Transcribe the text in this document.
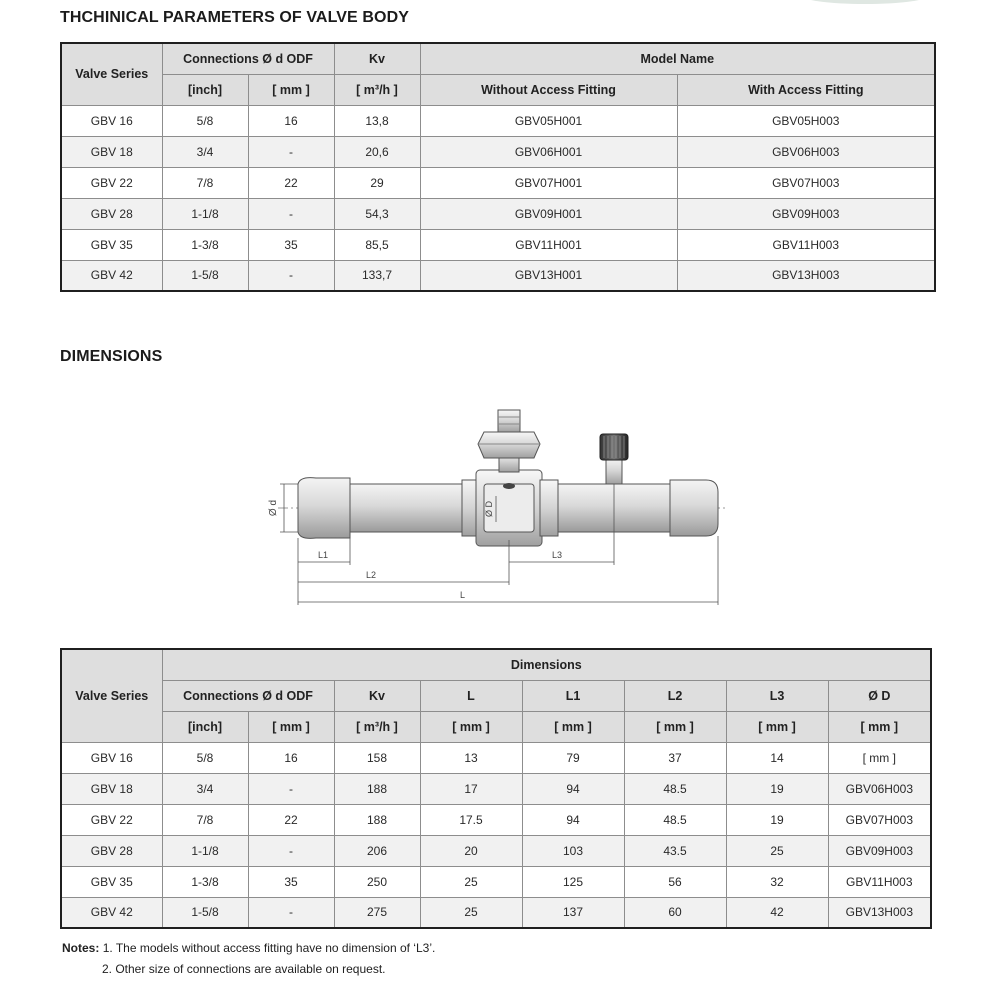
THCHINICAL PARAMETERS OF VALVE BODY
Valve Series	Connections Ø d ODF		Kv	Model Name	
	[inch]	[ mm ]	[ m³/h ]	Without Access Fitting	With Access Fitting
GBV 16	5/8	16	13,8	GBV05H001	GBV05H003
GBV 18	3/4	-	20,6	GBV06H001	GBV06H003
GBV 22	7/8	22	29	GBV07H001	GBV07H003
GBV 28	1-1/8	-	54,3	GBV09H001	GBV09H003
GBV 35	1-3/8	35	85,5	GBV11H001	GBV11H003
GBV 42	1-5/8	-	133,7	GBV13H001	GBV13H003
DIMENSIONS
Ø d	Ø D
L1
L2
L3
L
Valve Series	Dimensions							
	Connections Ø d ODF		Kv	L	L1	L2	L3	Ø D
	[inch]	[ mm ]	[ m³/h ]	[ mm ]	[ mm ]	[ mm ]	[ mm ]	[ mm ]
GBV 16	5/8	16	158	13	79	37	14	[ mm ]
GBV 18	3/4	-	188	17	94	48.5	19	GBV06H003
GBV 22	7/8	22	188	17.5	94	48.5	19	GBV07H003
GBV 28	1-1/8	-	206	20	103	43.5	25	GBV09H003
GBV 35	1-3/8	35	250	25	125	56	32	GBV11H003
GBV 42	1-5/8	-	275	25	137	60	42	GBV13H003
Notes: 1. The models without access fitting have no dimension of ‘L3’.
2. Other size of connections are available on request.
